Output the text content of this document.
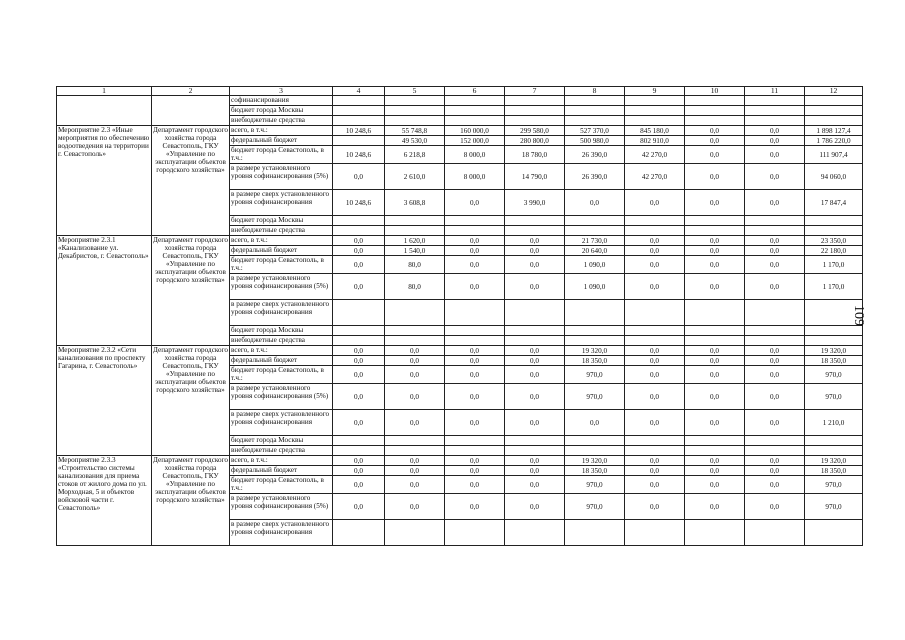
1	2	3	4	5	6	7	8	9	10	11	12
		софинансирования									
		бюджет города Москвы									
		внебюджетные средства									
Мероприятие 2.3 «Иные мероприятия по обеспечению водоотведения на территории г. Севастополь»	Департамент городского хозяйства города Севастополь, ГКУ «Управление по эксплуатации объектов городского хозяйства»	всего, в т.ч.:	10 248,6	55 748,8	160 000,0	299 580,0	527 370,0	845 180,0	0,0	0,0	1 898 127,4
		федеральный бюджет		49 530,0	152 000,0	280 800,0	500 980,0	802 910,0	0,0	0,0	1 786 220,0
		бюджет города Севастополь, в т.ч.:	10 248,6	6 218,8	8 000,0	18 780,0	26 390,0	42 270,0	0,0	0,0	111 907,4
		в размере установленного уровня софинансирования (5%)	0,0	2 610,0	8 000,0	14 790,0	26 390,0	42 270,0	0,0	0,0	94 060,0
		в размере сверх установленного уровня софинансирования	10 248,6	3 608,8	0,0	3 990,0	0,0	0,0	0,0	0,0	17 847,4
		бюджет города Москвы									
		внебюджетные средства									
Мероприятие 2.3.1 «Канализование ул. Декабристов, г. Севастополь»	Департамент городского хозяйства города Севастополь, ГКУ «Управление по эксплуатации объектов городского хозяйства»	всего, в т.ч.:	0,0	1 620,0	0,0	0,0	21 730,0	0,0	0,0	0,0	23 350,0
		федеральный бюджет	0,0	1 540,0	0,0	0,0	20 640,0	0,0	0,0	0,0	22 180,0
		бюджет города Севастополь, в т.ч.:	0,0	80,0	0,0	0,0	1 090,0	0,0	0,0	0,0	1 170,0
		в размере установленного уровня софинансирования (5%)	0,0	80,0	0,0	0,0	1 090,0	0,0	0,0	0,0	1 170,0
		в размере сверх установленного уровня софинансирования									
		бюджет города Москвы									
		внебюджетные средства									
Мероприятие 2.3.2 «Сети канализования по проспекту Гагарина, г. Севастополь»	Департамент городского хозяйства города Севастополь, ГКУ «Управление по эксплуатации объектов городского хозяйства»	всего, в т.ч.:	0,0	0,0	0,0	0,0	19 320,0	0,0	0,0	0,0	19 320,0
		федеральный бюджет	0,0	0,0	0,0	0,0	18 350,0	0,0	0,0	0,0	18 350,0
		бюджет города Севастополь, в т.ч.:	0,0	0,0	0,0	0,0	970,0	0,0	0,0	0,0	970,0
		в размере установленного уровня софинансирования (5%)	0,0	0,0	0,0	0,0	970,0	0,0	0,0	0,0	970,0
		в размере сверх установленного уровня софинансирования	0,0	0,0	0,0	0,0	0,0	0,0	0,0	0,0	1 210,0
		бюджет города Москвы									
		внебюджетные средства									
Мероприятие 2.3.3 «Строительство системы канализования для приема стоков от жилого дома по ул. Морходная, 5 и объектов войсковой части г. Севастополь»	Департамент городского хозяйства города Севастополь, ГКУ «Управление по эксплуатации объектов городского хозяйства»	всего, в т.ч.:	0,0	0,0	0,0	0,0	19 320,0	0,0	0,0	0,0	19 320,0
		федеральный бюджет	0,0	0,0	0,0	0,0	18 350,0	0,0	0,0	0,0	18 350,0
		бюджет города Севастополь, в т.ч.:	0,0	0,0	0,0	0,0	970,0	0,0	0,0	0,0	970,0
		в размере установленного уровня софинансирования (5%)	0,0	0,0	0,0	0,0	970,0	0,0	0,0	0,0	970,0
		в размере сверх установленного уровня софинансирования									
109
